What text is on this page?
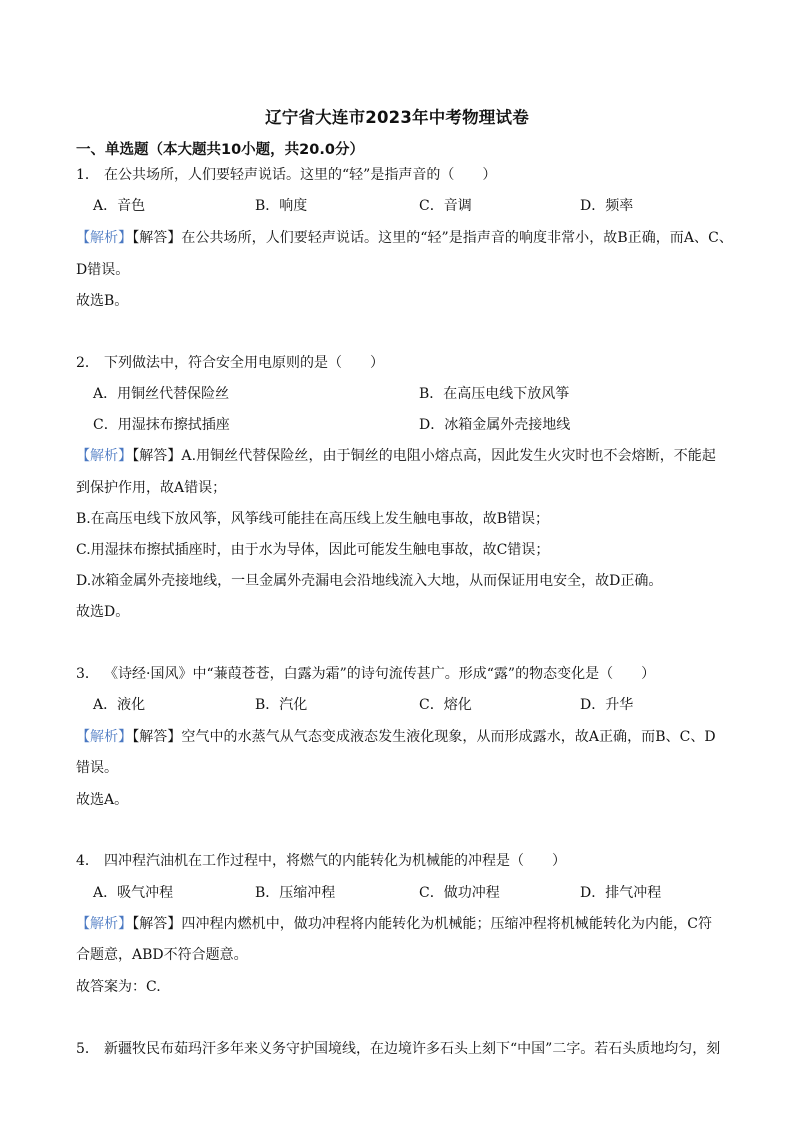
辽宁省大连市2023年中考物理试卷
一、单选题（本大题共10小题，共20.0分）
1． 在公共场所，人们要轻声说话。这里的“轻”是指声音的（　　）
A．音色	B．响度	C．音调	D．频率
【解析】【解答】在公共场所，人们要轻声说话。这里的“轻”是指声音的响度非常小，故B正确，而A、C、
D错误。
故选B。
2． 下列做法中，符合安全用电原则的是（　　）
A．用铜丝代替保险丝	B．在高压电线下放风筝
C．用湿抹布擦拭插座	D．冰箱金属外壳接地线
【解析】【解答】A.用铜丝代替保险丝，由于铜丝的电阻小熔点高，因此发生火灾时也不会熔断，不能起
到保护作用，故A错误；
B.在高压电线下放风筝，风筝线可能挂在高压线上发生触电事故，故B错误；
C.用湿抹布擦拭插座时，由于水为导体，因此可能发生触电事故，故C错误；
D.冰箱金属外壳接地线，一旦金属外壳漏电会沿地线流入大地，从而保证用电安全，故D正确。
故选D。
3． 《诗经·国风》中“蒹葭苍苍，白露为霜”的诗句流传甚广。形成“露”的物态变化是（　　）
A．液化	B．汽化	C．熔化	D．升华
【解析】【解答】空气中的水蒸气从气态变成液态发生液化现象，从而形成露水，故A正确，而B、C、D
错误。
故选A。
4． 四冲程汽油机在工作过程中，将燃气的内能转化为机械能的冲程是（　　）
A．吸气冲程	B．压缩冲程	C．做功冲程	D．排气冲程
【解析】【解答】四冲程内燃机中，做功冲程将内能转化为机械能；压缩冲程将机械能转化为内能，C符
合题意，ABD不符合题意。
故答案为：C.
5． 新疆牧民布茹玛汗多年来义务守护国境线，在边境许多石头上刻下“中国”二字。若石头质地均匀，刻
